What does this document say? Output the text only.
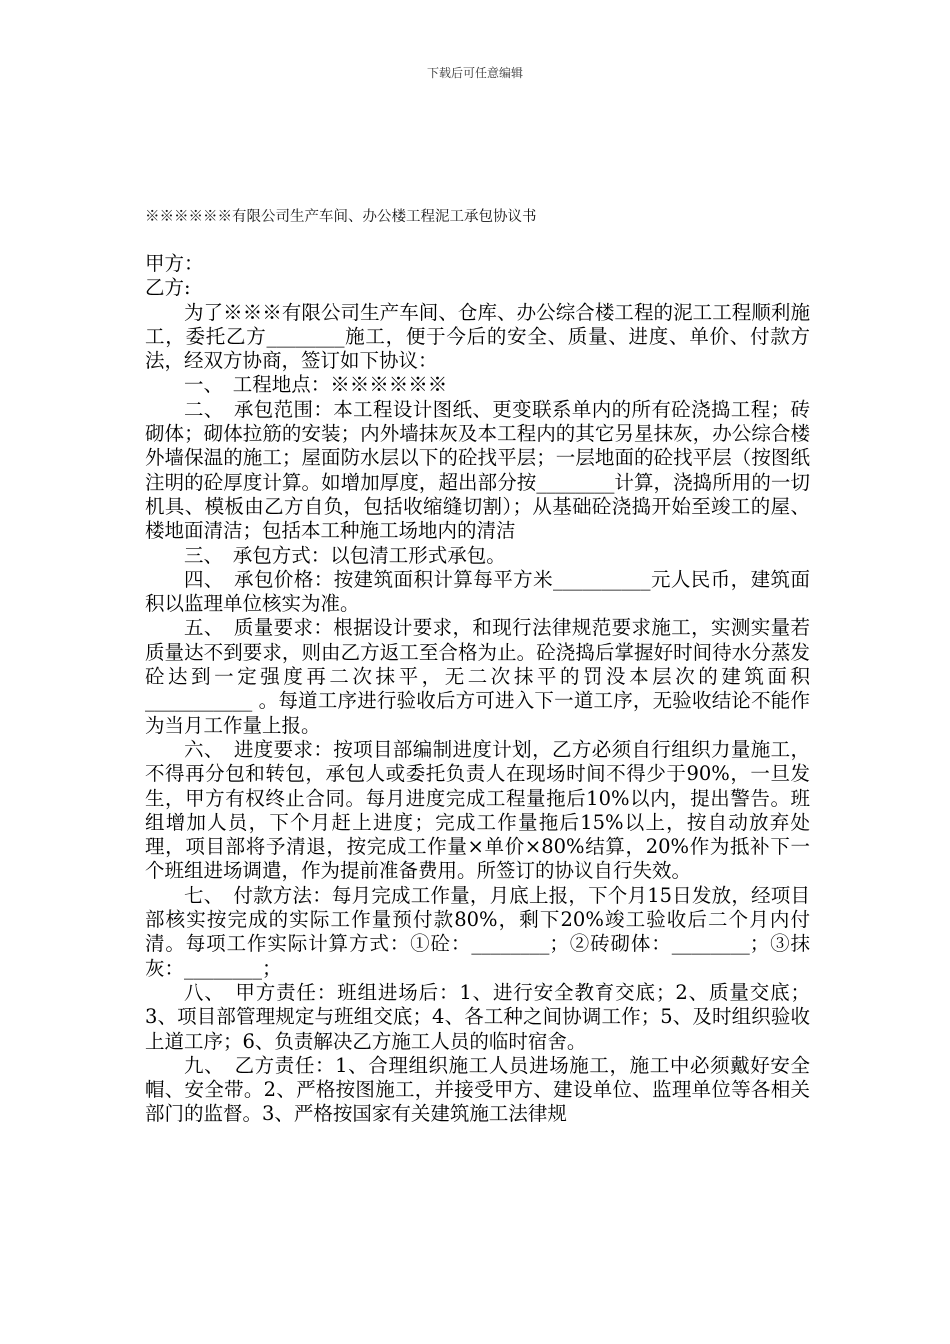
下载后可任意编辑
※※※※※※有限公司生产车间、办公楼工程泥工承包协议书

甲方：

乙方:

为了※※※有限公司生产车间、仓库、办公综合楼工程的泥工工程顺利施工，委托乙方________施工，便于今后的安全、质量、进度、单价、付款方法，经双方协商，签订如下协议：

一、　工程地点：※※※※※※

二、　承包范围：本工程设计图纸、更变联系单内的所有砼浇捣工程；砖砌体；砌体拉筋的安装；内外墙抹灰及本工程内的其它另星抹灰，办公综合楼外墙保温的施工；屋面防水层以下的砼找平层；一层地面的砼找平层（按图纸注明的砼厚度计算。如增加厚度，超出部分按________计算，浇捣所用的一切机具、模板由乙方自负，包括收缩缝切割）；从基础砼浇捣开始至竣工的屋、楼地面清洁；包括本工种施工场地内的清洁

三、　承包方式：以包清工形式承包。

四、　承包价格：按建筑面积计算每平方米__________元人民币，建筑面积以监理单位核实为准。

五、　质量要求：根据设计要求，和现行法律规范要求施工，实测实量若质量达不到要求，则由乙方返工至合格为止。砼浇捣后掌握好时间待水分蒸发砼达到一定强度再二次抹平，无二次抹平的罚没本层次的建筑面积 ___________ 。每道工序进行验收后方可进入下一道工序，无验收结论不能作为当月工作量上报。

六、　进度要求：按项目部编制进度计划，乙方必须自行组织力量施工，不得再分包和转包，承包人或委托负责人在现场时间不得少于90%，一旦发生，甲方有权终止合同。每月进度完成工程量拖后10%以内，提出警告。班组增加人员，下个月赶上进度；完成工作量拖后15%以上，按自动放弃处理，项目部将予清退，按完成工作量×单价×80%结算，20%作为抵补下一个班组进场调遣，作为提前准备费用。所签订的协议自行失效。

七、　付款方法：每月完成工作量，月底上报，下个月15日发放，经项目部核实按完成的实际工作量预付款80%，剩下20%竣工验收后二个月内付清。每项工作实际计算方式：①砼：________；②砖砌体：________；③抹灰：________；

八、　甲方责任：班组进场后：1、进行安全教育交底；2、质量交底；3、项目部管理规定与班组交底；4、各工种之间协调工作；5、及时组织验收上道工序；6、负责解决乙方施工人员的临时宿舍。

九、　乙方责任：1、合理组织施工人员进场施工，施工中必须戴好安全帽、安全带。2、严格按图施工，并接受甲方、建设单位、监理单位等各相关部门的监督。3、严格按国家有关建筑施工法律规
